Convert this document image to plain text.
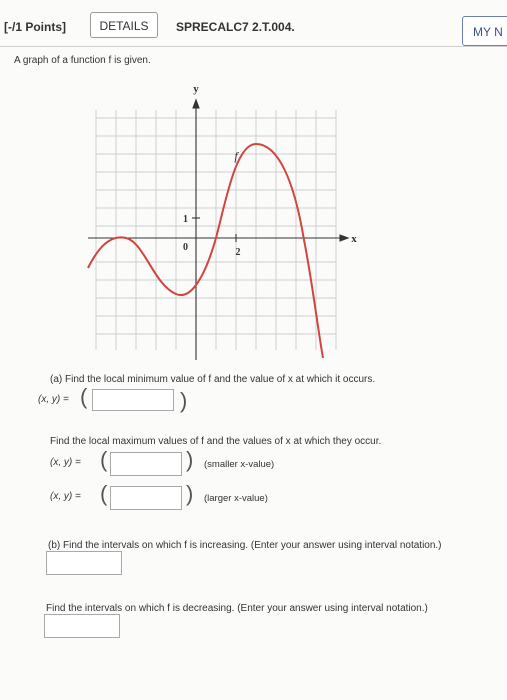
[-/1 Points]	DETAILS	SPRECALC7 2.T.004.	MY N
A graph of a function f is given.
y
x
1
0	2
f
(a) Find the local minimum value of f and the value of x at which it occurs.
(x, y) = (	)
Find the local maximum values of f and the values of x at which they occur.
(x, y) = (	) (smaller x-value)
(x, y) = (	) (larger x-value)
(b) Find the intervals on which f is increasing. (Enter your answer using interval notation.)
Find the intervals on which f is decreasing. (Enter your answer using interval notation.)
